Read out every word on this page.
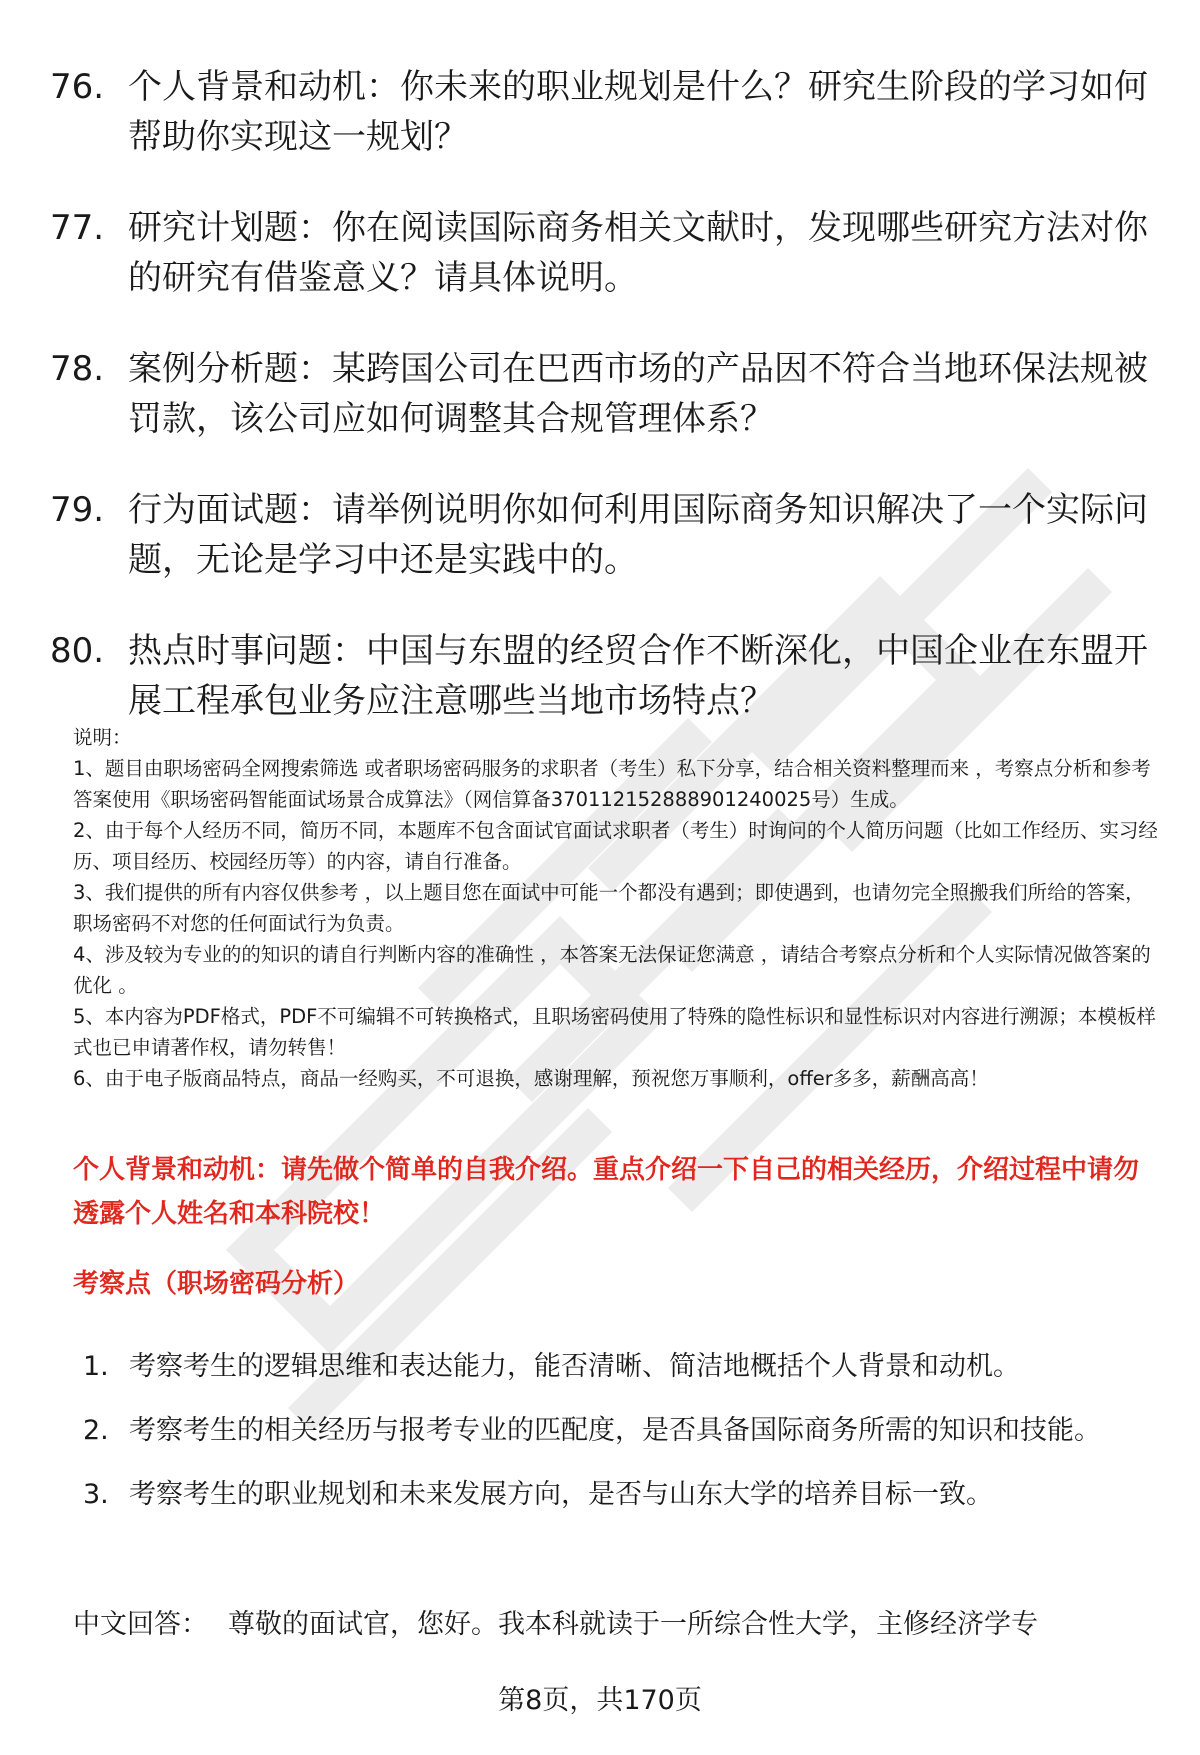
76. 个人背景和动机：你未来的职业规划是什么？研究生阶段的学习如何帮助你实现这一规划？
77. 研究计划题：你在阅读国际商务相关文献时，发现哪些研究方法对你的研究有借鉴意义？请具体说明。
78. 案例分析题：某跨国公司在巴西市场的产品因不符合当地环保法规被罚款，该公司应如何调整其合规管理体系？
79. 行为面试题：请举例说明你如何利用国际商务知识解决了一个实际问题，无论是学习中还是实践中的。
80. 热点时事问题：中国与东盟的经贸合作不断深化，中国企业在东盟开展工程承包业务应注意哪些当地市场特点？

说明：

1、题目由职场密码全网搜索筛选 或者职场密码服务的求职者（考生）私下分享，结合相关资料整理而来 ，考察点分析和参考答案使用《职场密码智能面试场景合成算法》（网信算备370112152888901240025号）生成。

2、由于每个人经历不同，简历不同，本题库不包含面试官面试求职者（考生）时询问的个人简历问题（比如工作经历、实习经历、项目经历、校园经历等）的内容，请自行准备。

3、我们提供的所有内容仅供参考 ，以上题目您在面试中可能一个都没有遇到；即使遇到，也请勿完全照搬我们所给的答案，职场密码不对您的任何面试行为负责。

4、涉及较为专业的的知识的请自行判断内容的准确性 ，本答案无法保证您满意 ，请结合考察点分析和个人实际情况做答案的优化 。

5、本内容为PDF格式，PDF不可编辑不可转换格式，且职场密码使用了特殊的隐性标识和显性标识对内容进行溯源；本模板样式也已申请著作权，请勿转售！

6、由于电子版商品特点，商品一经购买，不可退换，感谢理解，预祝您万事顺利，offer多多，薪酬高高！

个人背景和动机：请先做个简单的自我介绍。重点介绍一下自己的相关经历，介绍过程中请勿透露个人姓名和本科院校！
考察点（职场密码分析）
1. 考察考生的逻辑思维和表达能力，能否清晰、简洁地概括个人背景和动机。
2. 考察考生的相关经历与报考专业的匹配度，是否具备国际商务所需的知识和技能。
3. 考察考生的职业规划和未来发展方向，是否与山东大学的培养目标一致。
中文回答： 尊敬的面试官，您好。我本科就读于一所综合性大学，主修经济学专
第8页，共170页
